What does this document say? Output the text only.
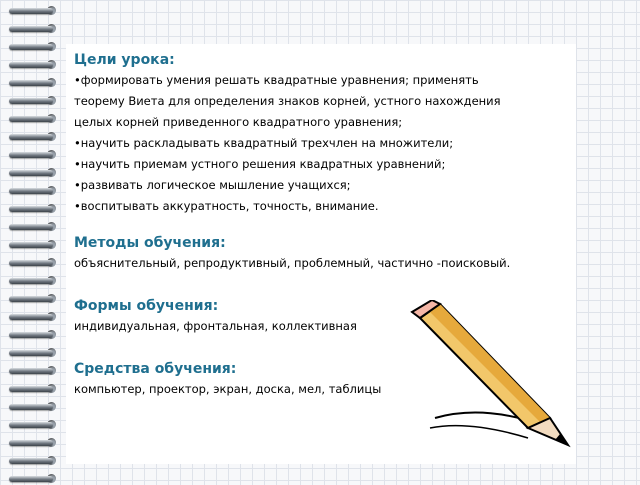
Цели урока:

•формировать умения решать квадратные уравнения; применять

теорему Виета для определения знаков корней, устного нахождения

целых корней приведенного квадратного уравнения;

•научить раскладывать квадратный трехчлен на множители;

•научить приемам устного решения квадратных уравнений;

•развивать логическое мышление учащихся;

•воспитывать аккуратность, точность, внимание.

Методы обучения:

объяснительный, репродуктивный, проблемный, частично -поисковый.

Формы обучения:

индивидуальная, фронтальная, коллективная

Средства обучения:

компьютер, проектор, экран, доска, мел, таблицы
